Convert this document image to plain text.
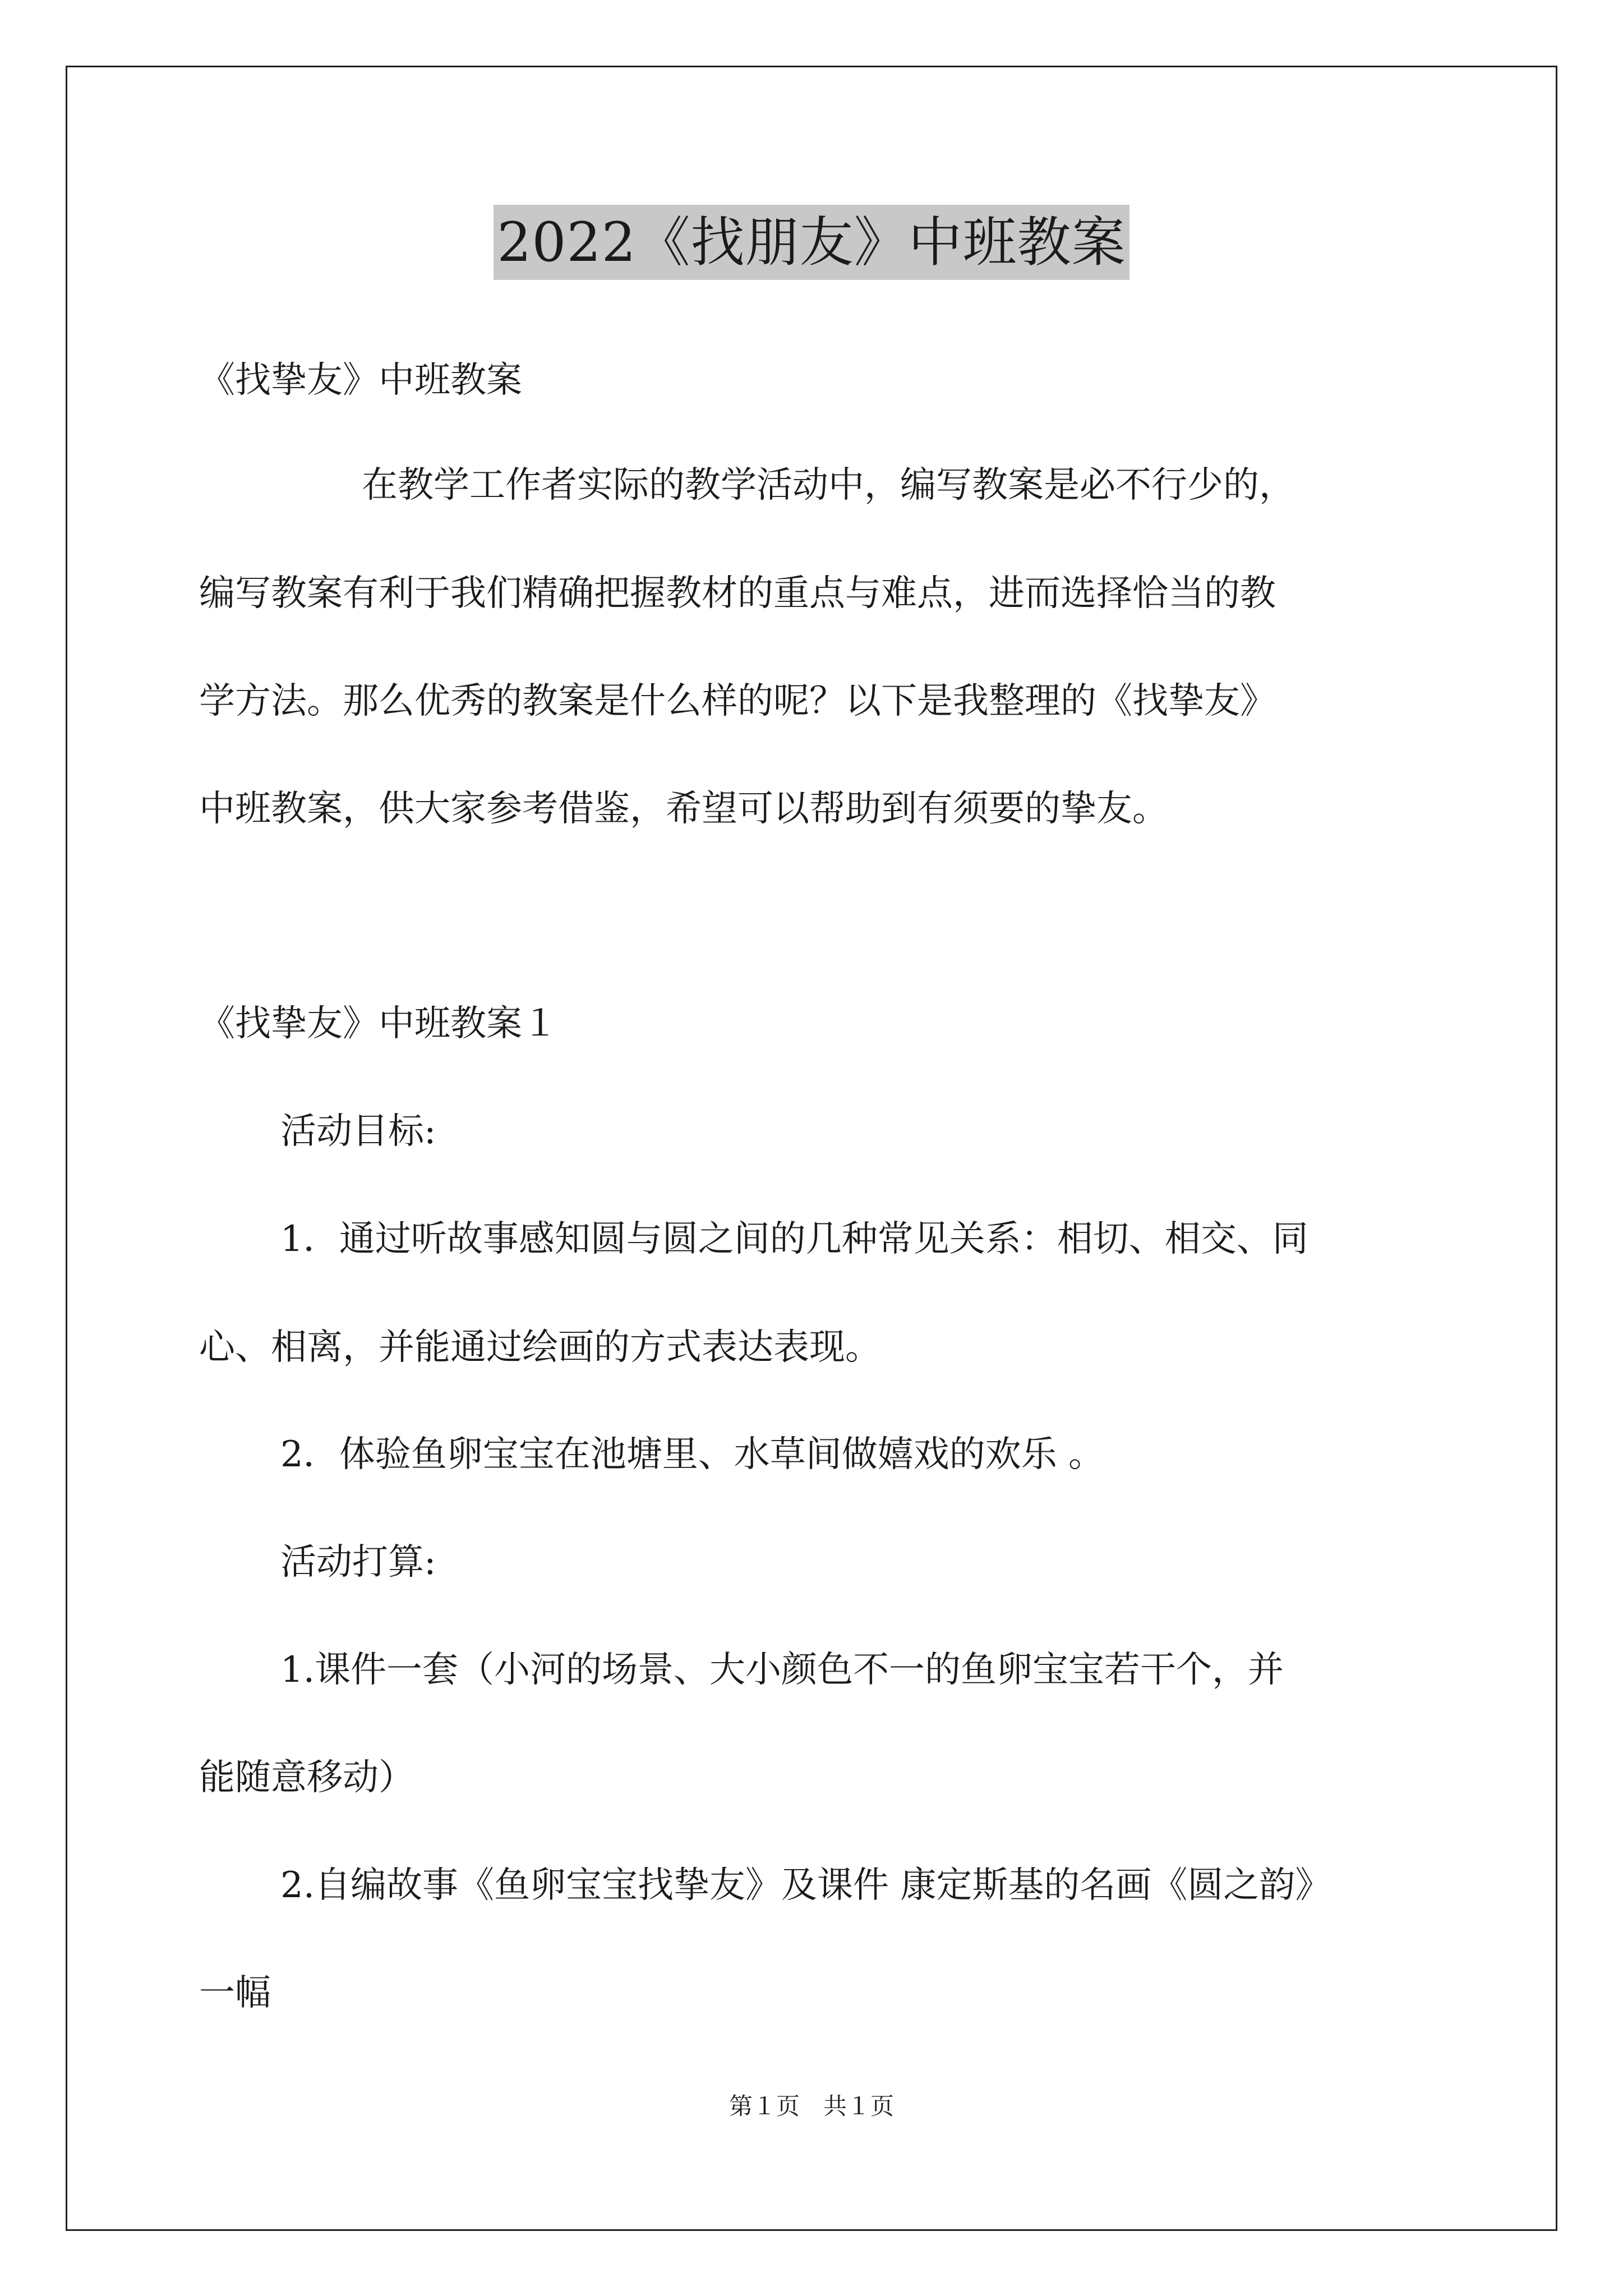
2022《找朋友》中班教案
《找挚友》中班教案
在教学工作者实际的教学活动中，编写教案是必不行少的，
编写教案有利于我们精确把握教材的重点与难点，进而选择恰当的教
学方法。那么优秀的教案是什么样的呢？以下是我整理的《找挚友》
中班教案，供大家参考借鉴，希望可以帮助到有须要的挚友。
《找挚友》中班教案１
活动目标:
1．通过听故事感知圆与圆之间的几种常见关系：相切、相交、同
心、相离，并能通过绘画的方式表达表现。
2．体验鱼卵宝宝在池塘里、水草间做嬉戏的欢乐 。
活动打算:
1.课件一套（小河的场景、大小颜色不一的鱼卵宝宝若干个，并
能随意移动）
2.自编故事《鱼卵宝宝找挚友》及课件 康定斯基的名画《圆之韵》
一幅
第１页　共１页
